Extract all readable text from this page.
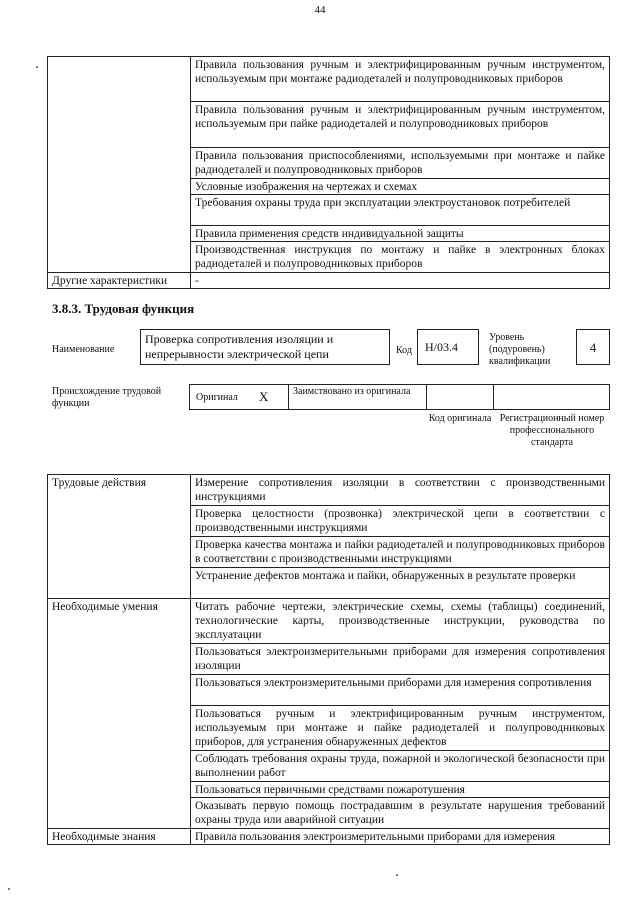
44
	Правила пользования ручным и электрифицированным ручным инструментом, используемым при монтаже радиодеталей и полупроводниковых приборов
	Правила пользования ручным и электрифицированным ручным инструментом, используемым при пайке радиодеталей и полупроводниковых приборов
	Правила пользования приспособлениями, используемыми при монтаже и пайке радиодеталей и полупроводниковых приборов
	Условные изображения на чертежах и схемах
	Требования охраны труда при эксплуатации электроустановок потребителей
	Правила применения средств индивидуальной защиты
	Производственная инструкция по монтажу и пайке в электронных блоках радиодеталей и полупроводниковых приборов
Другие характеристики	-
3.8.3. Трудовая функция
Наименование
Проверка сопротивления изоляции и непрерывности электрической цепи	Код	H/03.4
Уровень (подуровень) квалификации
4
Происхождение трудовой функции
Оригинал X	Заимствовано из оригинала
Код оригинала Регистрационный номер профессионального стандарта
Трудовые действия	Измерение сопротивления изоляции в соответствии с производственными инструкциями
	Проверка целостности (прозвонка) электрической цепи в соответствии с производственными инструкциями
	Проверка качества монтажа и пайки радиодеталей и полупроводниковых приборов в соответствии с производственными инструкциями
	Устранение дефектов монтажа и пайки, обнаруженных в результате проверки
Необходимые умения	Читать рабочие чертежи, электрические схемы, схемы (таблицы) соединений, технологические карты, производственные инструкции, руководства по эксплуатации
	Пользоваться электроизмерительными приборами для измерения сопротивления изоляции
	Пользоваться электроизмерительными приборами для измерения сопротивления
	Пользоваться ручным и электрифицированным ручным инструментом, используемым при монтаже и пайке радиодеталей и полупроводниковых приборов, для устранения обнаруженных дефектов
	Соблюдать требования охраны труда, пожарной и экологической безопасности при выполнении работ
	Пользоваться первичными средствами пожаротушения
	Оказывать первую помощь пострадавшим в результате нарушения требований охраны труда или аварийной ситуации
Необходимые знания	Правила пользования электроизмерительными приборами для измерения
